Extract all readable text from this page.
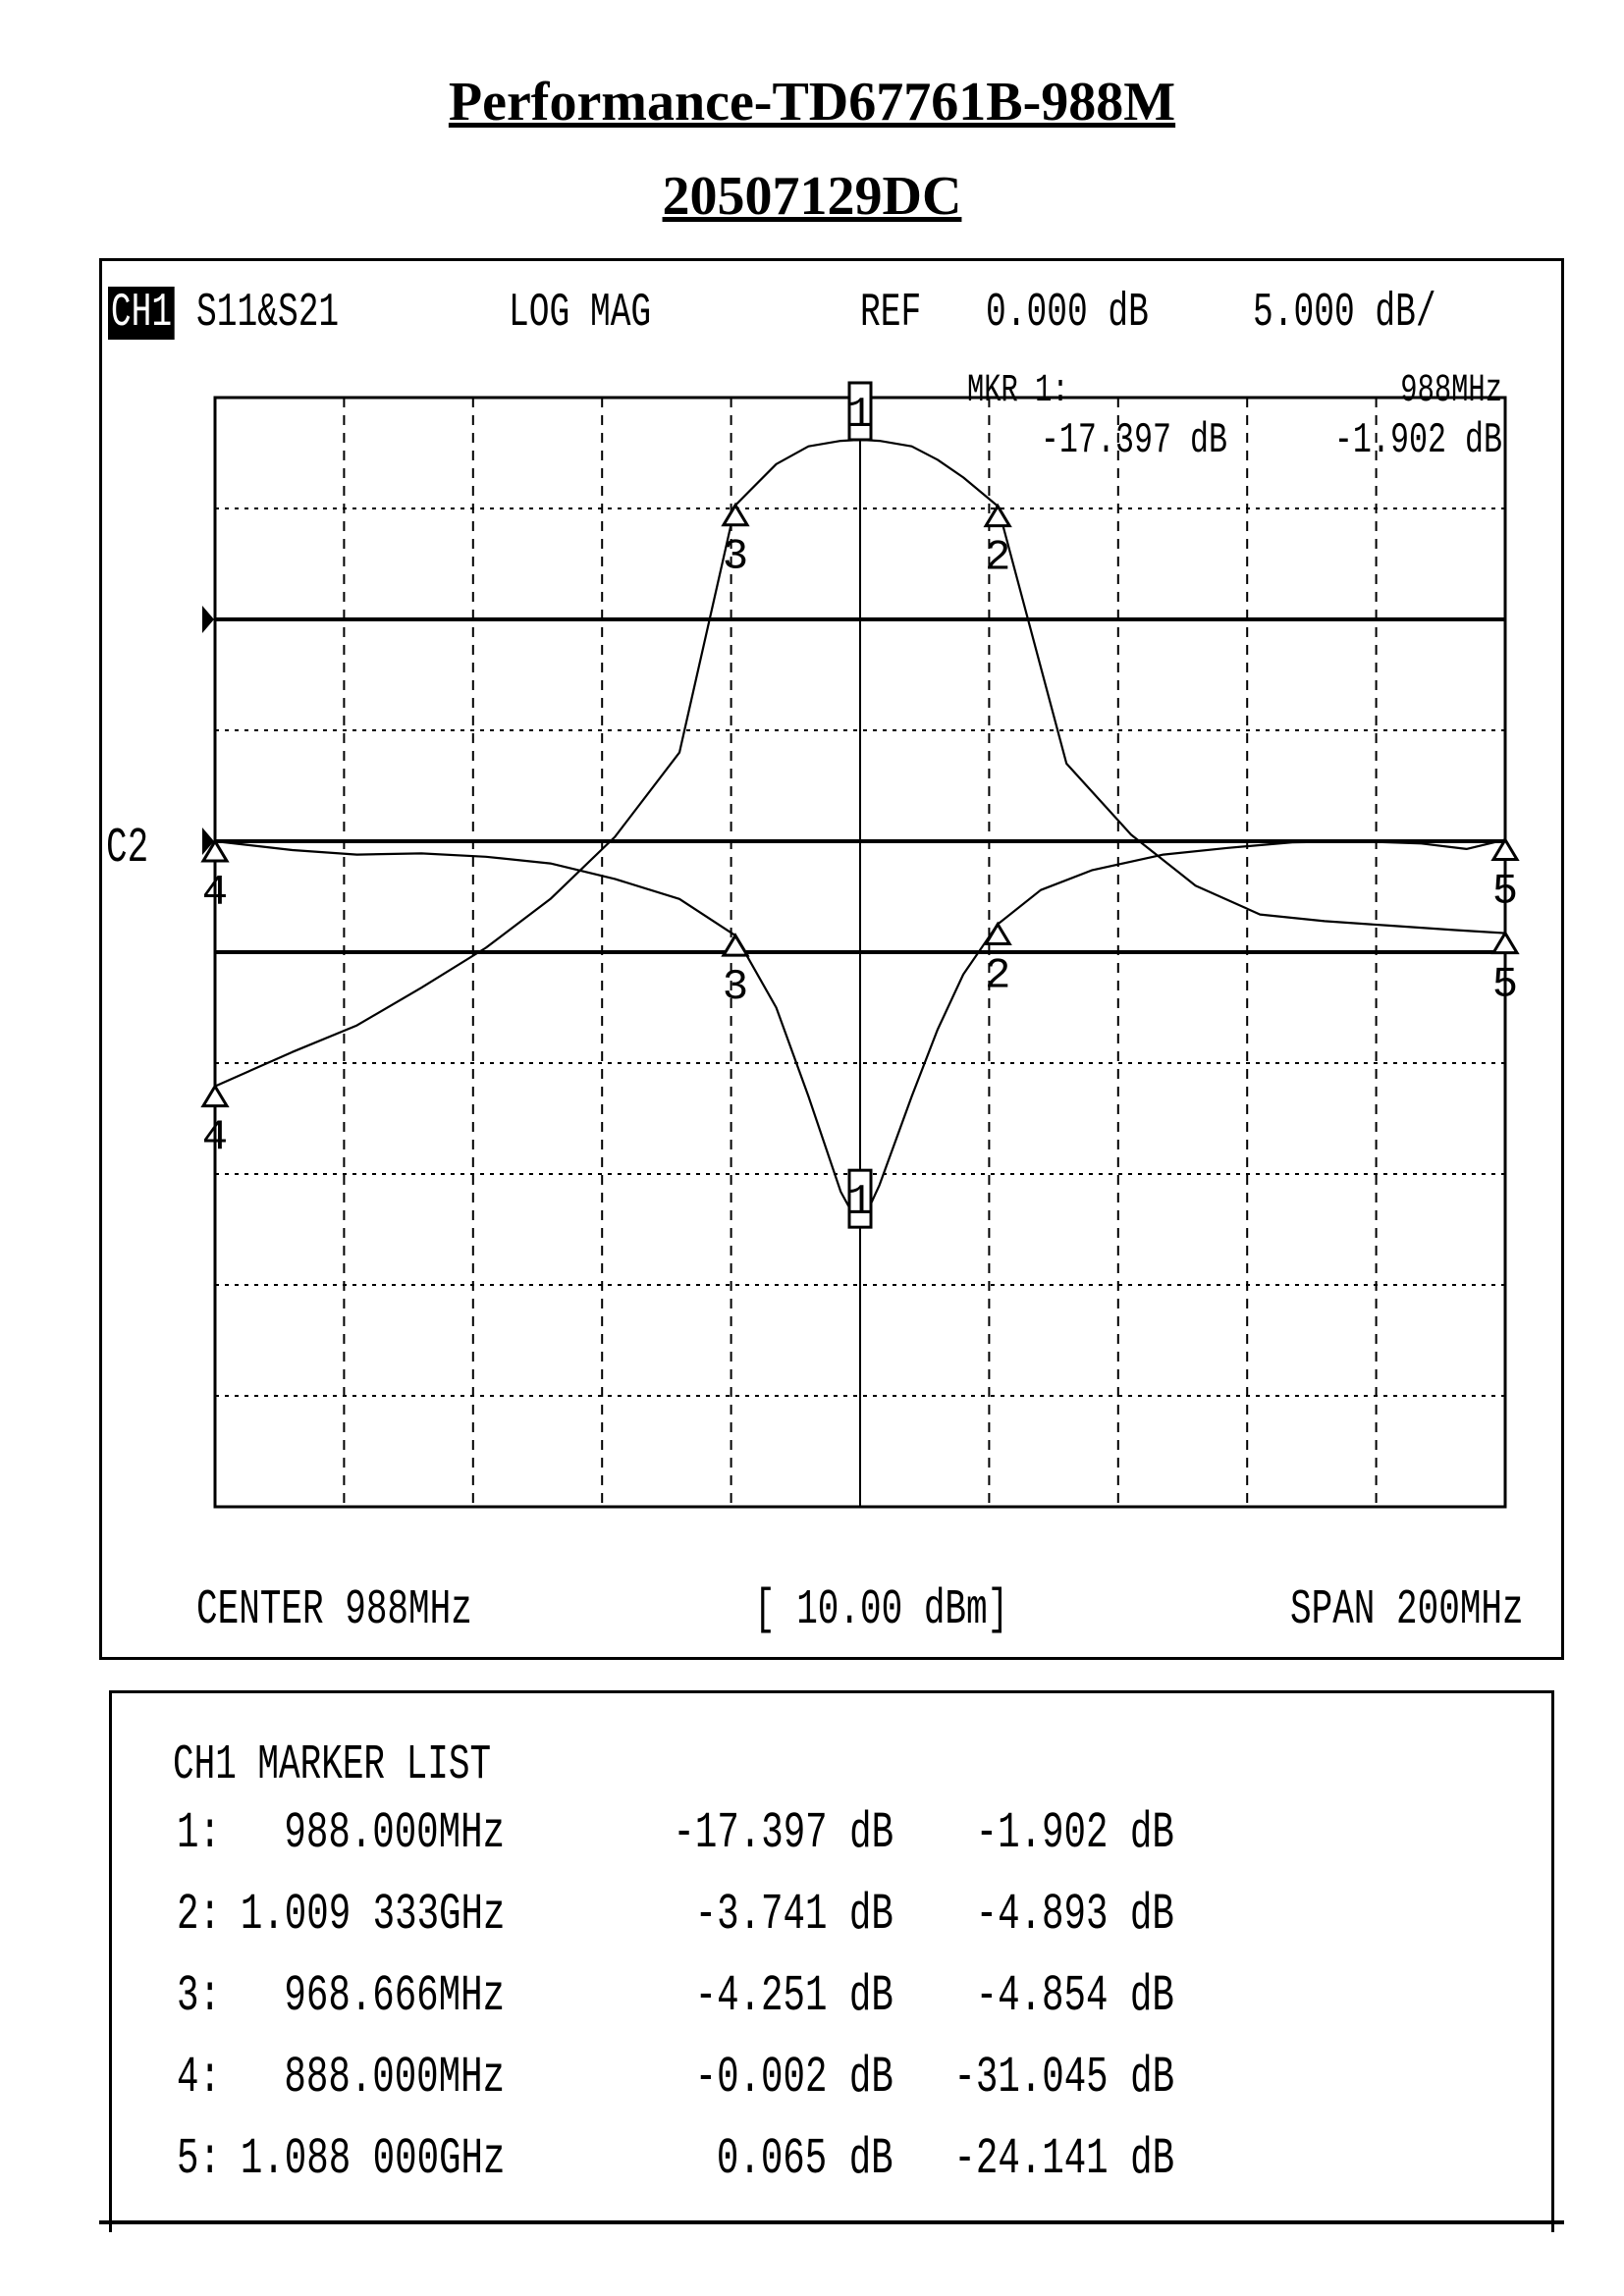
Performance-TD67761B-988M
20507129DC
CH1 S11&S21	LOG MAG	REF 0.000 dB 5.000 dB/
CENTER 988MHz	[ 10.00 dBm]	SPAN 200MHz
1
2
3
4	5
1
2
3
4
5
MKR 1:	988MHz
-17.397 dB -1.902 dB
C2
CH1 MARKER LIST
1: 988.000MHz	-17.397 dB -1.902 dB
2: 1.009 333GHz	-3.741 dB -4.893 dB
3: 968.666MHz	-4.251 dB -4.854 dB
4: 888.000MHz	-0.002 dB -31.045 dB
5: 1.088 000GHz	0.065 dB -24.141 dB
